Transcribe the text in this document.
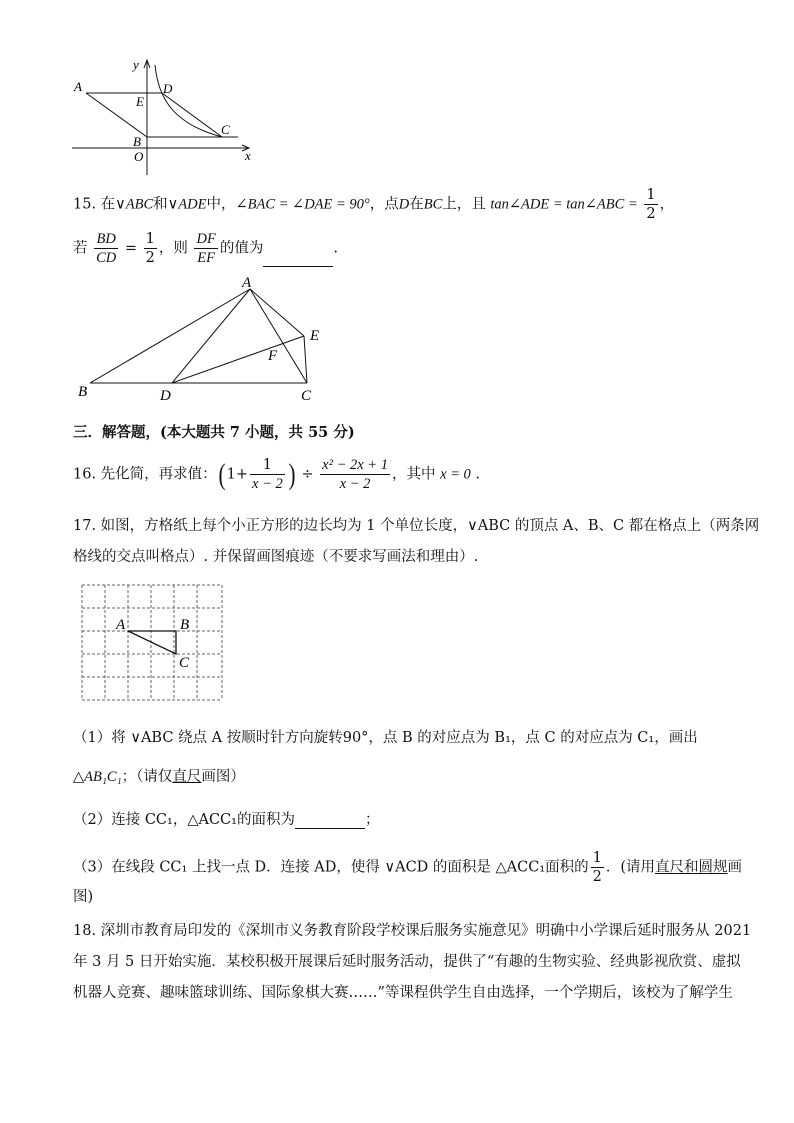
y
A	D
E
C
B
O	x
15. 在∨ABC和∨ADE中，∠BAC = ∠DAE = 90°，点D在BC上，且 tan∠ADE = tan∠ABC = $\frac{1}{2}$ ，
若 $\frac{BD}{CD} = \frac{1}{2}$ ，则 $\frac{DF}{EF}$ 的值为	.
A
E
F
B	D	C
三．解答题，(本大题共 7 小题，共 55 分)
16. 先化简，再求值：( $1+ \frac{1}{x - 2}$ ) ÷ $\frac{\text{x² − 2x + 1}}{x - 2}$ ，其中 x = 0 .
17. 如图，方格纸上每个小正方形的边长均为 1 个单位长度，∨ABC 的顶点 A、B、C 都在格点上（两条网
格线的交点叫格点）. 并保留画图痕迹（不要求写画法和理由）.
A	B
C
（1）将 ∨ABC 绕点 A 按顺时针方向旋转90°，点 B 的对应点为 B₁，点 C 的对应点为 C₁，画出
△AB₁C₁；（请仅直尺画图）
（2）连接 CC₁，△ACC₁的面积为	；
（3）在线段 CC₁ 上找一点 D．连接 AD，使得 ∨ACD 的面积是 △ACC₁面积的 $\frac{1}{2}$ ．(请用直尺和圆规画
图)
18. 深圳市教育局印发的《深圳市义务教育阶段学校课后服务实施意见》明确中小学课后延时服务从 2021
年 3 月 5 日开始实施．某校积极开展课后延时服务活动，提供了“有趣的生物实验、经典影视欣赏、虚拟
机器人竞赛、趣味篮球训练、国际象棋大赛……”等课程供学生自由选择，一个学期后，该校为了解学生
